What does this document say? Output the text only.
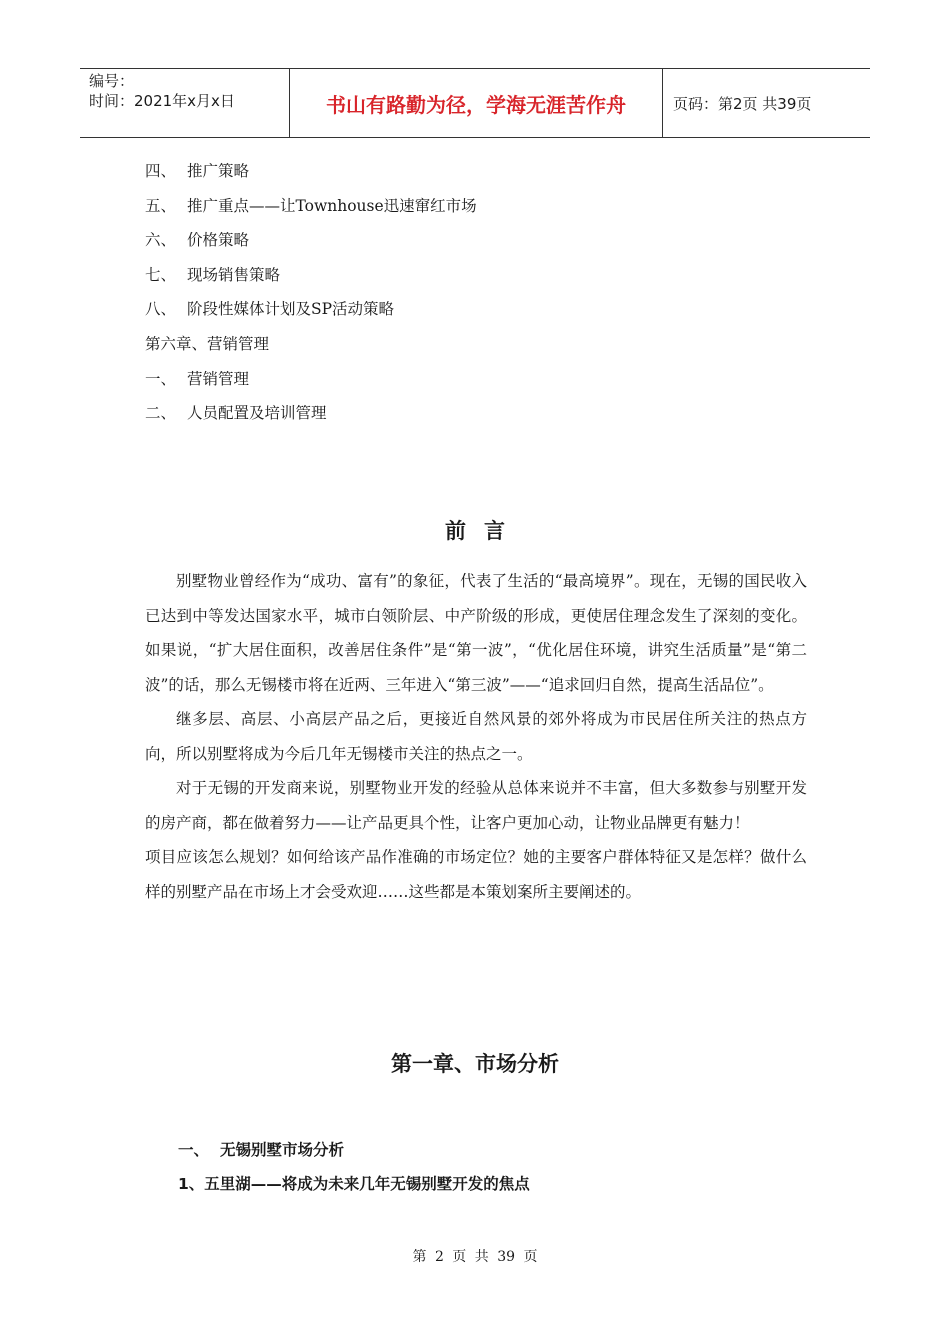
编号：
时间：2021年x月x日	书山有路勤为径，学海无涯苦作舟	页码：第2页 共39页
四、 推广策略
五、 推广重点——让Townhouse迅速窜红市场
六、 价格策略
七、 现场销售策略
八、 阶段性媒体计划及SP活动策略
第六章、营销管理
一、 营销管理
二、 人员配置及培训管理
前言

别墅物业曾经作为“成功、富有”的象征，代表了生活的“最高境界”。现在，无锡的国民收入已达到中等发达国家水平，城市白领阶层、中产阶级的形成，更使居住理念发生了深刻的变化。如果说，“扩大居住面积，改善居住条件”是“第一波”，“优化居住环境，讲究生活质量”是“第二波”的话，那么无锡楼市将在近两、三年进入“第三波”——“追求回归自然，提高生活品位”。

继多层、高层、小高层产品之后，更接近自然风景的郊外将成为市民居住所关注的热点方向，所以别墅将成为今后几年无锡楼市关注的热点之一。

对于无锡的开发商来说，别墅物业开发的经验从总体来说并不丰富，但大多数参与别墅开发的房产商，都在做着努力——让产品更具个性，让客户更加心动，让物业品牌更有魅力！

项目应该怎么规划？如何给该产品作准确的市场定位？她的主要客户群体特征又是怎样？做什么样的别墅产品在市场上才会受欢迎……这些都是本策划案所主要阐述的。

第一章、市场分析
一、 无锡别墅市场分析
1、五里湖——将成为未来几年无锡别墅开发的焦点
第 2 页 共 39 页
